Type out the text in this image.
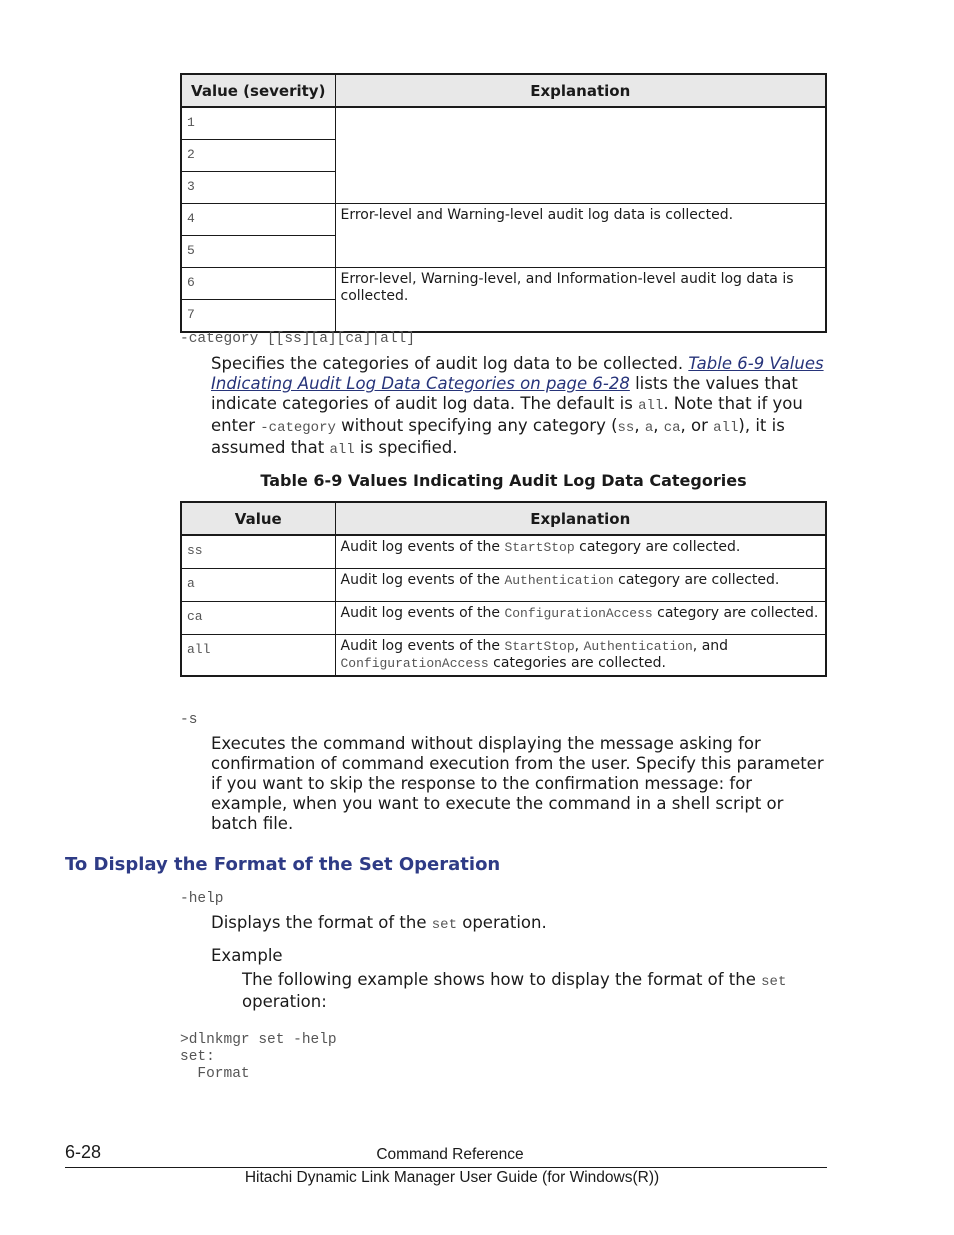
Value (severity)	Explanation
1	
2	
3	
4	Error-level and Warning-level audit log data is collected.
5	
6	Error-level, Warning-level, and Information-level audit log data is collected.
7	
-category [[ss][a][ca]|all]
Specifies the categories of audit log data to be collected. Table 6-9 Values Indicating Audit Log Data Categories on page 6-28 lists the values that indicate categories of audit log data. The default is all. Note that if you enter -category without specifying any category (ss, a, ca, or all), it is assumed that all is specified.
Table 6-9 Values Indicating Audit Log Data Categories
Value	Explanation
ss	Audit log events of the StartStop category are collected.
a	Audit log events of the Authentication category are collected.
ca	Audit log events of the ConfigurationAccess category are collected.
all	Audit log events of the StartStop, Authentication, and ConfigurationAccess categories are collected.
-s
Executes the command without displaying the message asking for confirmation of command execution from the user. Specify this parameter if you want to skip the response to the confirmation message: for example, when you want to execute the command in a shell script or batch file.
To Display the Format of the Set Operation
-help
Displays the format of the set operation.
Example
The following example shows how to display the format of the set operation:
>dlnkmgr set -help
set:
Format
6-28	Command Reference
Hitachi Dynamic Link Manager User Guide (for Windows(R))
